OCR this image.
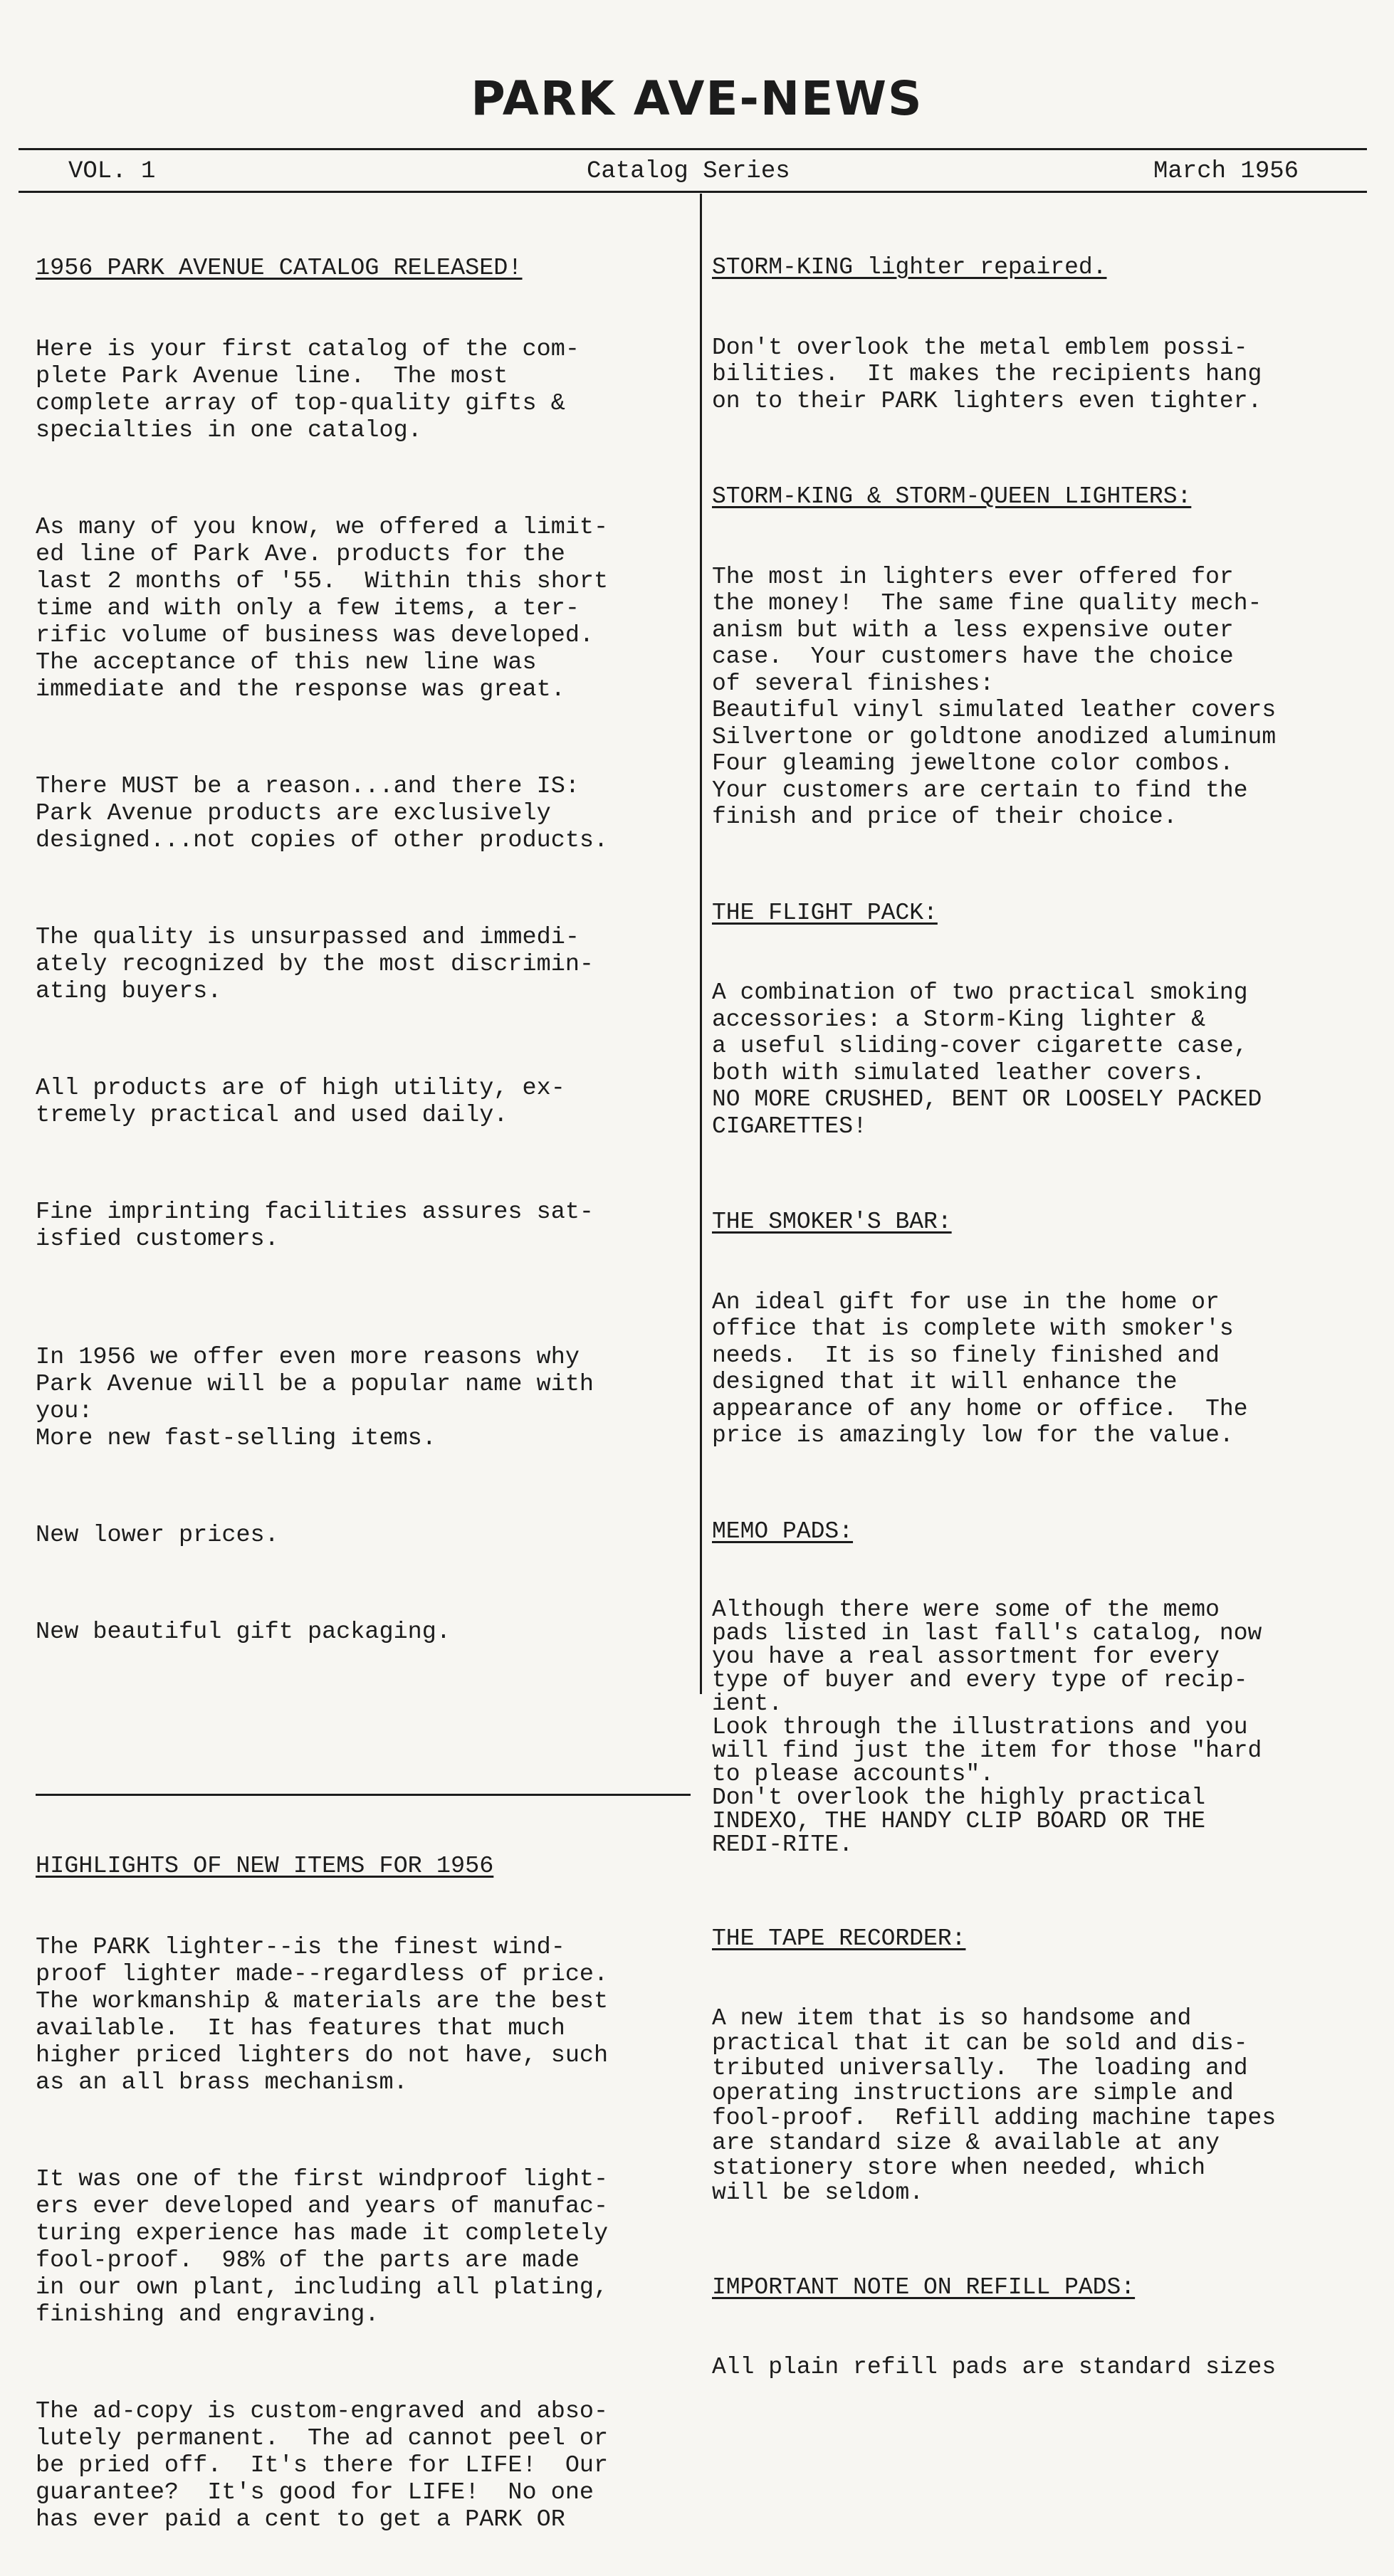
PARK AVE-NEWS
VOL. 1	Catalog Series	March 1956

1956 PARK AVENUE CATALOG RELEASED!

Here is your first catalog of the com-
plete Park Avenue line.  The most
complete array of top-quality gifts &
specialties in one catalog.

As many of you know, we offered a limit-
ed line of Park Ave. products for the
last 2 months of '55.  Within this short
time and with only a few items, a ter-
rific volume of business was developed.
The acceptance of this new line was
immediate and the response was great.

There MUST be a reason...and there IS:
Park Avenue products are exclusively
designed...not copies of other products.

The quality is unsurpassed and immedi-
ately recognized by the most discrimin-
ating buyers.

All products are of high utility, ex-
tremely practical and used daily.

Fine imprinting facilities assures sat-
isfied customers.

In 1956 we offer even more reasons why
Park Avenue will be a popular name with
you:
More new fast-selling items.

New lower prices.

New beautiful gift packaging.

HIGHLIGHTS OF NEW ITEMS FOR 1956

The PARK lighter--is the finest wind-
proof lighter made--regardless of price.
The workmanship & materials are the best
available.  It has features that much
higher priced lighters do not have, such
as an all brass mechanism.

It was one of the first windproof light-
ers ever developed and years of manufac-
turing experience has made it completely
fool-proof.  98% of the parts are made
in our own plant, including all plating,
finishing and engraving.

The ad-copy is custom-engraved and abso-
lutely permanent.  The ad cannot peel or
be pried off.  It's there for LIFE!  Our
guarantee?  It's good for LIFE!  No one
has ever paid a cent to get a PARK OR

STORM-KING lighter repaired.

Don't overlook the metal emblem possi-
bilities.  It makes the recipients hang
on to their PARK lighters even tighter.

STORM-KING & STORM-QUEEN LIGHTERS:

The most in lighters ever offered for
the money!  The same fine quality mech-
anism but with a less expensive outer
case.  Your customers have the choice
of several finishes:
Beautiful vinyl simulated leather covers
Silvertone or goldtone anodized aluminum
Four gleaming jeweltone color combos.
Your customers are certain to find the
finish and price of their choice.

THE FLIGHT PACK:

A combination of two practical smoking
accessories: a Storm-King lighter &
a useful sliding-cover cigarette case,
both with simulated leather covers.
NO MORE CRUSHED, BENT OR LOOSELY PACKED
CIGARETTES!

THE SMOKER'S BAR:

An ideal gift for use in the home or
office that is complete with smoker's
needs.  It is so finely finished and
designed that it will enhance the
appearance of any home or office.  The
price is amazingly low for the value.

MEMO PADS:

Although there were some of the memo
pads listed in last fall's catalog, now
you have a real assortment for every
type of buyer and every type of recip-
ient.
Look through the illustrations and you
will find just the item for those "hard
to please accounts".
Don't overlook the highly practical
INDEXO, THE HANDY CLIP BOARD OR THE
REDI-RITE.

THE TAPE RECORDER:

A new item that is so handsome and
practical that it can be sold and dis-
tributed universally.  The loading and
operating instructions are simple and
fool-proof.  Refill adding machine tapes
are standard size & available at any
stationery store when needed, which
will be seldom.

IMPORTANT NOTE ON REFILL PADS:

All plain refill pads are standard sizes
